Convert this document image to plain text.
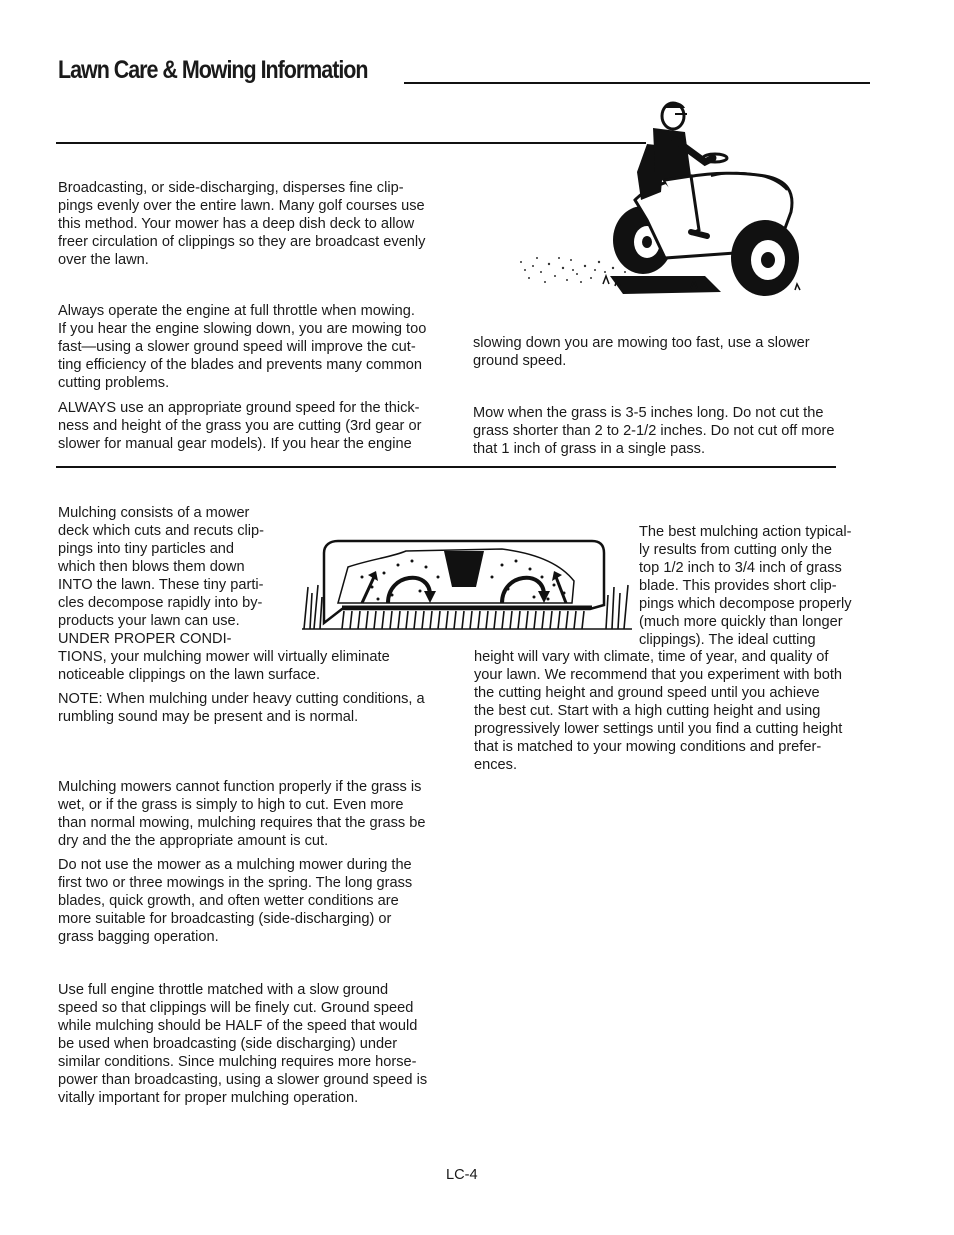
Lawn Care & Mowing Information

Broadcasting, or side-discharging, disperses fine clip-
pings evenly over the entire lawn. Many golf courses use
this method. Your mower has a deep dish deck to allow
freer circulation of clippings so they are broadcast evenly
over the lawn.

Always operate the engine at full throttle when mowing.
If you hear the engine slowing down, you are mowing too
fast—using a slower ground speed will improve the cut-
ting efficiency of the blades and prevents many common
cutting problems.

ALWAYS use an appropriate ground speed for the thick-
ness and height of the grass you are cutting (3rd gear or
slower for manual gear models). If you hear the engine

slowing down you are mowing too fast, use a slower
ground speed.

Mow when the grass is 3-5 inches long. Do not cut the
grass shorter than 2 to 2-1/2 inches. Do not cut off more
that 1 inch of grass in a single pass.

Mulching consists of a mower
deck which cuts and recuts clip-
pings into tiny particles and
which then blows them down
INTO the lawn. These tiny parti-
cles decompose rapidly into by-
products your lawn can use.
UNDER PROPER CONDI-

TIONS, your mulching mower will virtually eliminate
noticeable clippings on the lawn surface.

NOTE: When mulching under heavy cutting conditions, a
rumbling sound may be present and is normal.

Mulching mowers cannot function properly if the grass is
wet, or if the grass is simply to high to cut. Even more
than normal mowing, mulching requires that the grass be
dry and the the appropriate amount is cut.

Do not use the mower as a mulching mower during the
first two or three mowings in the spring. The long grass
blades, quick growth, and often wetter conditions are
more suitable for broadcasting (side-discharging) or
grass bagging operation.

Use full engine throttle matched with a slow ground
speed so that clippings will be finely cut. Ground speed
while mulching should be HALF of the speed that would
be used when broadcasting (side discharging) under
similar conditions. Since mulching requires more horse-
power than broadcasting, using a slower ground speed is
vitally important for proper mulching operation.

The best mulching action typical-
ly results from cutting only the
top 1/2 inch to 3/4 inch of grass
blade. This provides short clip-
pings which decompose properly
(much more quickly than longer
clippings). The ideal cutting

height will vary with climate, time of year, and quality of
your lawn. We recommend that you experiment with both
the cutting height and ground speed until you achieve
the best cut. Start with a high cutting height and using
progressively lower settings until you find a cutting height
that is matched to your mowing conditions and prefer-
ences.

LC-4
